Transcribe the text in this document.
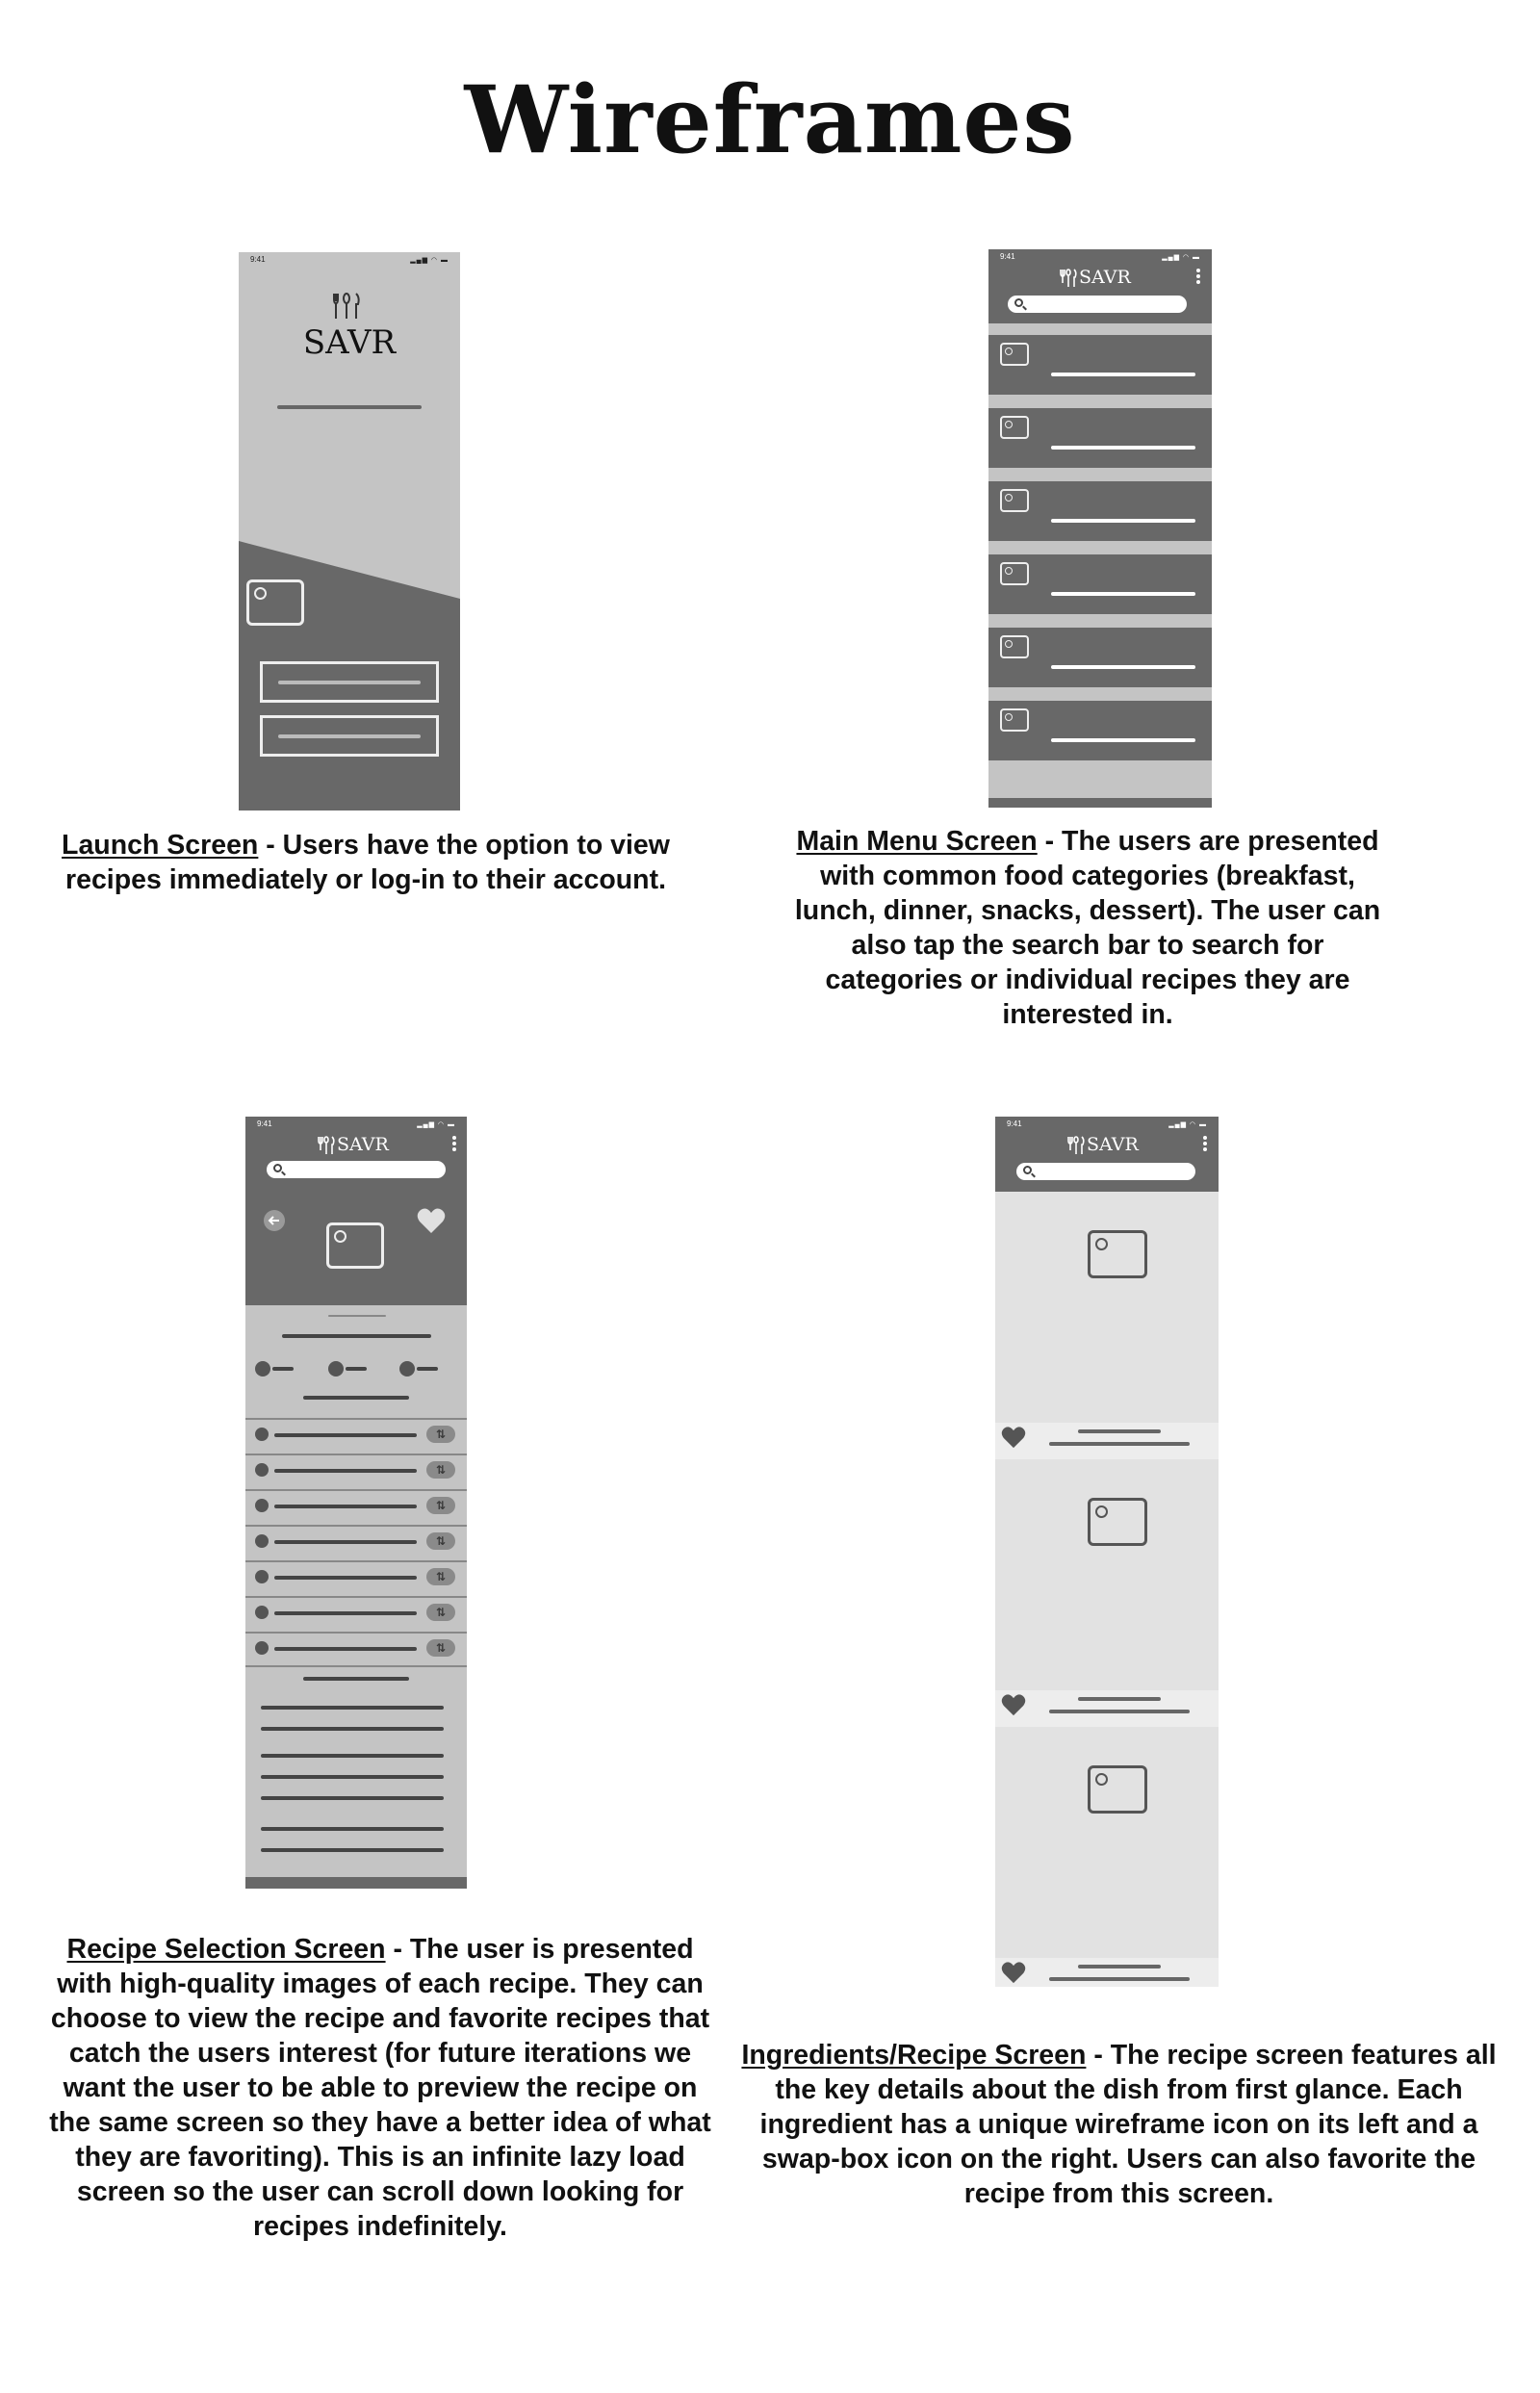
Wireframes
9:41	▂▄▆ ◠ ▬
SAVR
Launch Screen - Users have the option to view recipes immediately or log-in to their account.
9:41	▂▄▆ ◠ ▬
SAVR
Main Menu Screen - The users are presented with common food categories (breakfast, lunch, dinner, snacks, dessert). The user can also tap the search bar to search for categories or individual recipes they are interested in.
9:41	▂▄▆ ◠ ▬
SAVR
⇅
⇅
⇅
⇅
⇅
⇅
⇅
Recipe Selection Screen - The user is presented with high-quality images of each recipe. They can choose to view the recipe and favorite recipes that catch the users interest (for future iterations we want the user to be able to preview the recipe on the same screen so they have a better idea of what they are favoriting). This is an infinite lazy load screen so the user can scroll down looking for recipes indefinitely.
9:41	▂▄▆ ◠ ▬
SAVR
Ingredients/Recipe Screen - The recipe screen features all the key details about the dish from first glance. Each ingredient has a unique wireframe icon on its left and a swap-box icon on the right. Users can also favorite the recipe from this screen.
